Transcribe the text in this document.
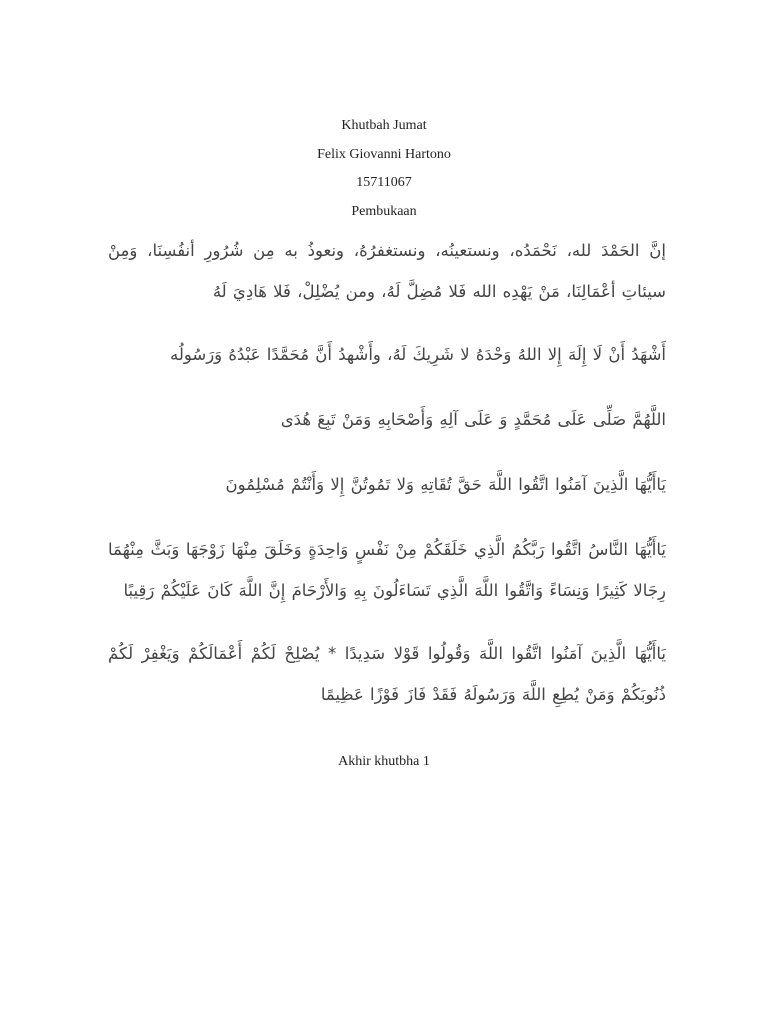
Khutbah Jumat
Felix Giovanni Hartono
15711067
Pembukaan

إنَّ الحَمْدَ لله، نَحْمَدُه، ونستعينُه، ونستغفرُهُ، ونعوذُ به مِن شُرُورِ أنفُسِنَا، وَمِنْ سيئاتِ أعْمَالِنَا، مَنْ يَهْدِه الله فَلا مُضِلَّ لَهُ، ومن يُضْلِلْ، فَلا هَادِيَ لَهُ

أَشْهَدُ أَنْ لَا إِلَهَ إِلا اللهُ وَحْدَهُ لا شَرِيكَ لَهُ، وأَشْهدُ أَنَّ مُحَمَّدًا عَبْدُهُ وَرَسُولُه

اللَّهُمَّ صَلِّى عَلَى مُحَمَّدٍ وَ عَلَى آلِهِ وَأَصْحَابِهِ وَمَنْ تَبِعَ هُدَى

يَاأَيُّهَا الَّذِينَ آمَنُوا اتَّقُوا اللَّهَ حَقَّ تُقَاتِهِ وَلا تَمُوتُنَّ إِلا وَأَنْتُمْ مُسْلِمُونَ

يَاأَيُّهَا النَّاسُ اتَّقُوا رَبَّكُمُ الَّذِي خَلَقَكُمْ مِنْ نَفْسٍ وَاحِدَةٍ وَخَلَقَ مِنْهَا زَوْجَهَا وَبَثَّ مِنْهُمَا رِجَالا كَثِيرًا وَنِسَاءً وَاتَّقُوا اللَّهَ الَّذِي تَسَاءَلُونَ بِهِ وَالأَرْحَامَ إِنَّ اللَّهَ كَانَ عَلَيْكُمْ رَقِيبًا

يَاأَيُّهَا الَّذِينَ آمَنُوا اتَّقُوا اللَّهَ وَقُولُوا قَوْلا سَدِيدًا * يُصْلِحْ لَكُمْ أَعْمَالَكُمْ وَيَغْفِرْ لَكُمْ ذُنُوبَكُمْ وَمَنْ يُطِعِ اللَّهَ وَرَسُولَهُ فَقَدْ فَازَ فَوْزًا عَظِيمًا

Akhir khutbha 1
